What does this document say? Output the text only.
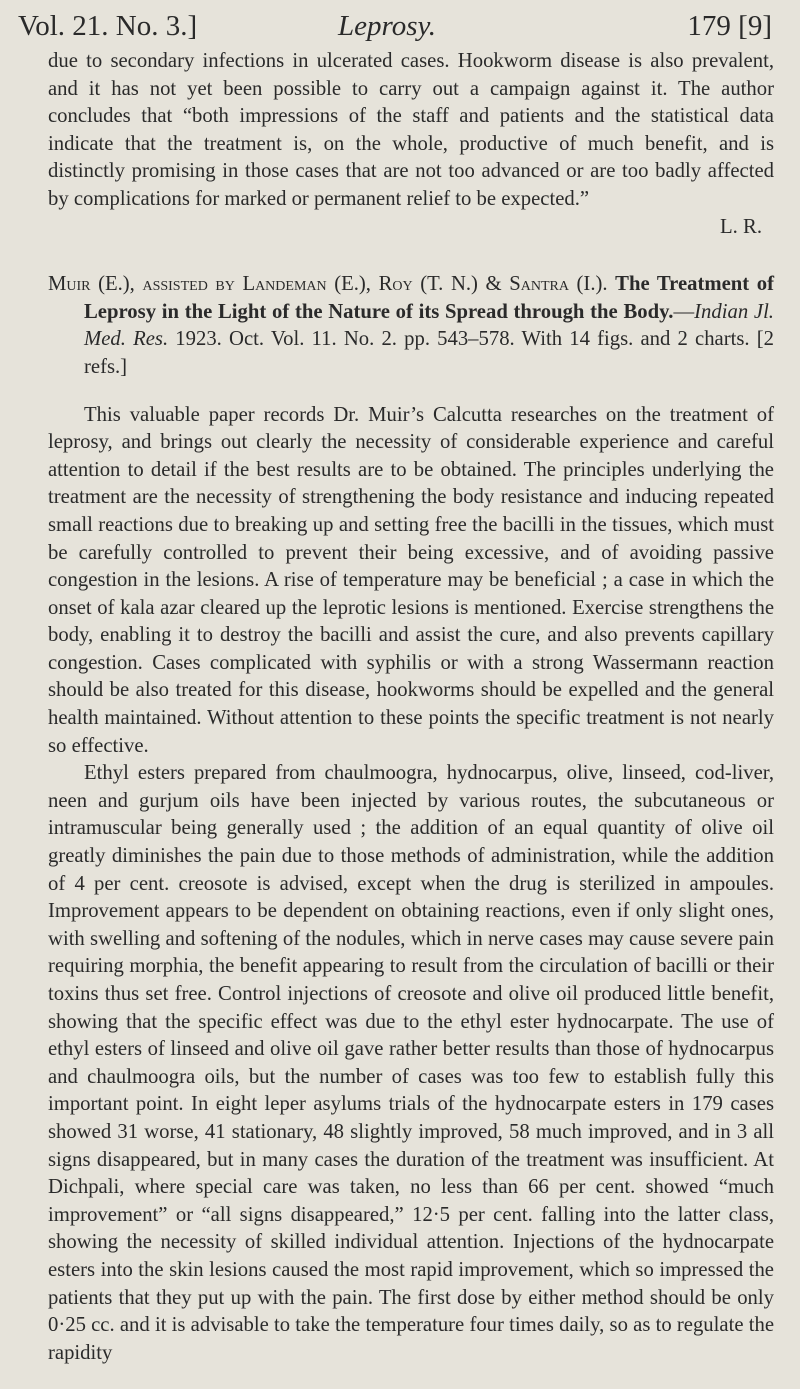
Vol. 21. No. 3.]	Leprosy.	179 [9]

due to secondary infections in ulcerated cases. Hookworm disease is also prevalent, and it has not yet been possible to carry out a campaign against it. The author concludes that “both impressions of the staff and patients and the statistical data indicate that the treatment is, on the whole, productive of much benefit, and is distinctly promising in those cases that are not too advanced or are too badly affected by complications for marked or permanent relief to be expected.”

L. R.

Muir (E.), assisted by Landeman (E.), Roy (T. N.) & Santra (I.). The Treatment of Leprosy in the Light of the Nature of its Spread through the Body.—Indian Jl. Med. Res. 1923. Oct. Vol. 11. No. 2. pp. 543–578. With 14 figs. and 2 charts. [2 refs.]

This valuable paper records Dr. Muir’s Calcutta researches on the treatment of leprosy, and brings out clearly the necessity of considerable experience and careful attention to detail if the best results are to be obtained. The principles underlying the treatment are the necessity of strengthening the body resistance and inducing repeated small reactions due to breaking up and setting free the bacilli in the tissues, which must be carefully controlled to prevent their being excessive, and of avoiding passive congestion in the lesions. A rise of temperature may be beneficial ; a case in which the onset of kala azar cleared up the leprotic lesions is mentioned. Exercise strengthens the body, enabling it to destroy the bacilli and assist the cure, and also prevents capillary congestion. Cases complicated with syphilis or with a strong Wassermann reaction should be also treated for this disease, hookworms should be expelled and the general health maintained. Without attention to these points the specific treatment is not nearly so effective.

Ethyl esters prepared from chaulmoogra, hydnocarpus, olive, linseed, cod-liver, neen and gurjum oils have been injected by various routes, the subcutaneous or intramuscular being generally used ; the addition of an equal quantity of olive oil greatly diminishes the pain due to those methods of administration, while the addition of 4 per cent. creosote is advised, except when the drug is sterilized in ampoules. Improvement appears to be dependent on obtaining reactions, even if only slight ones, with swelling and softening of the nodules, which in nerve cases may cause severe pain requiring morphia, the benefit appearing to result from the circulation of bacilli or their toxins thus set free. Control injections of creosote and olive oil produced little benefit, showing that the specific effect was due to the ethyl ester hydnocarpate. The use of ethyl esters of linseed and olive oil gave rather better results than those of hydnocarpus and chaulmoogra oils, but the number of cases was too few to establish fully this important point. In eight leper asylums trials of the hydnocarpate esters in 179 cases showed 31 worse, 41 stationary, 48 slightly improved, 58 much improved, and in 3 all signs disappeared, but in many cases the duration of the treatment was insufficient. At Dichpali, where special care was taken, no less than 66 per cent. showed “much improvement” or “all signs disappeared,” 12·5 per cent. falling into the latter class, showing the necessity of skilled individual attention. Injections of the hydnocarpate esters into the skin lesions caused the most rapid improvement, which so impressed the patients that they put up with the pain. The first dose by either method should be only 0·25 cc. and it is advisable to take the temperature four times daily, so as to regulate the rapidity
